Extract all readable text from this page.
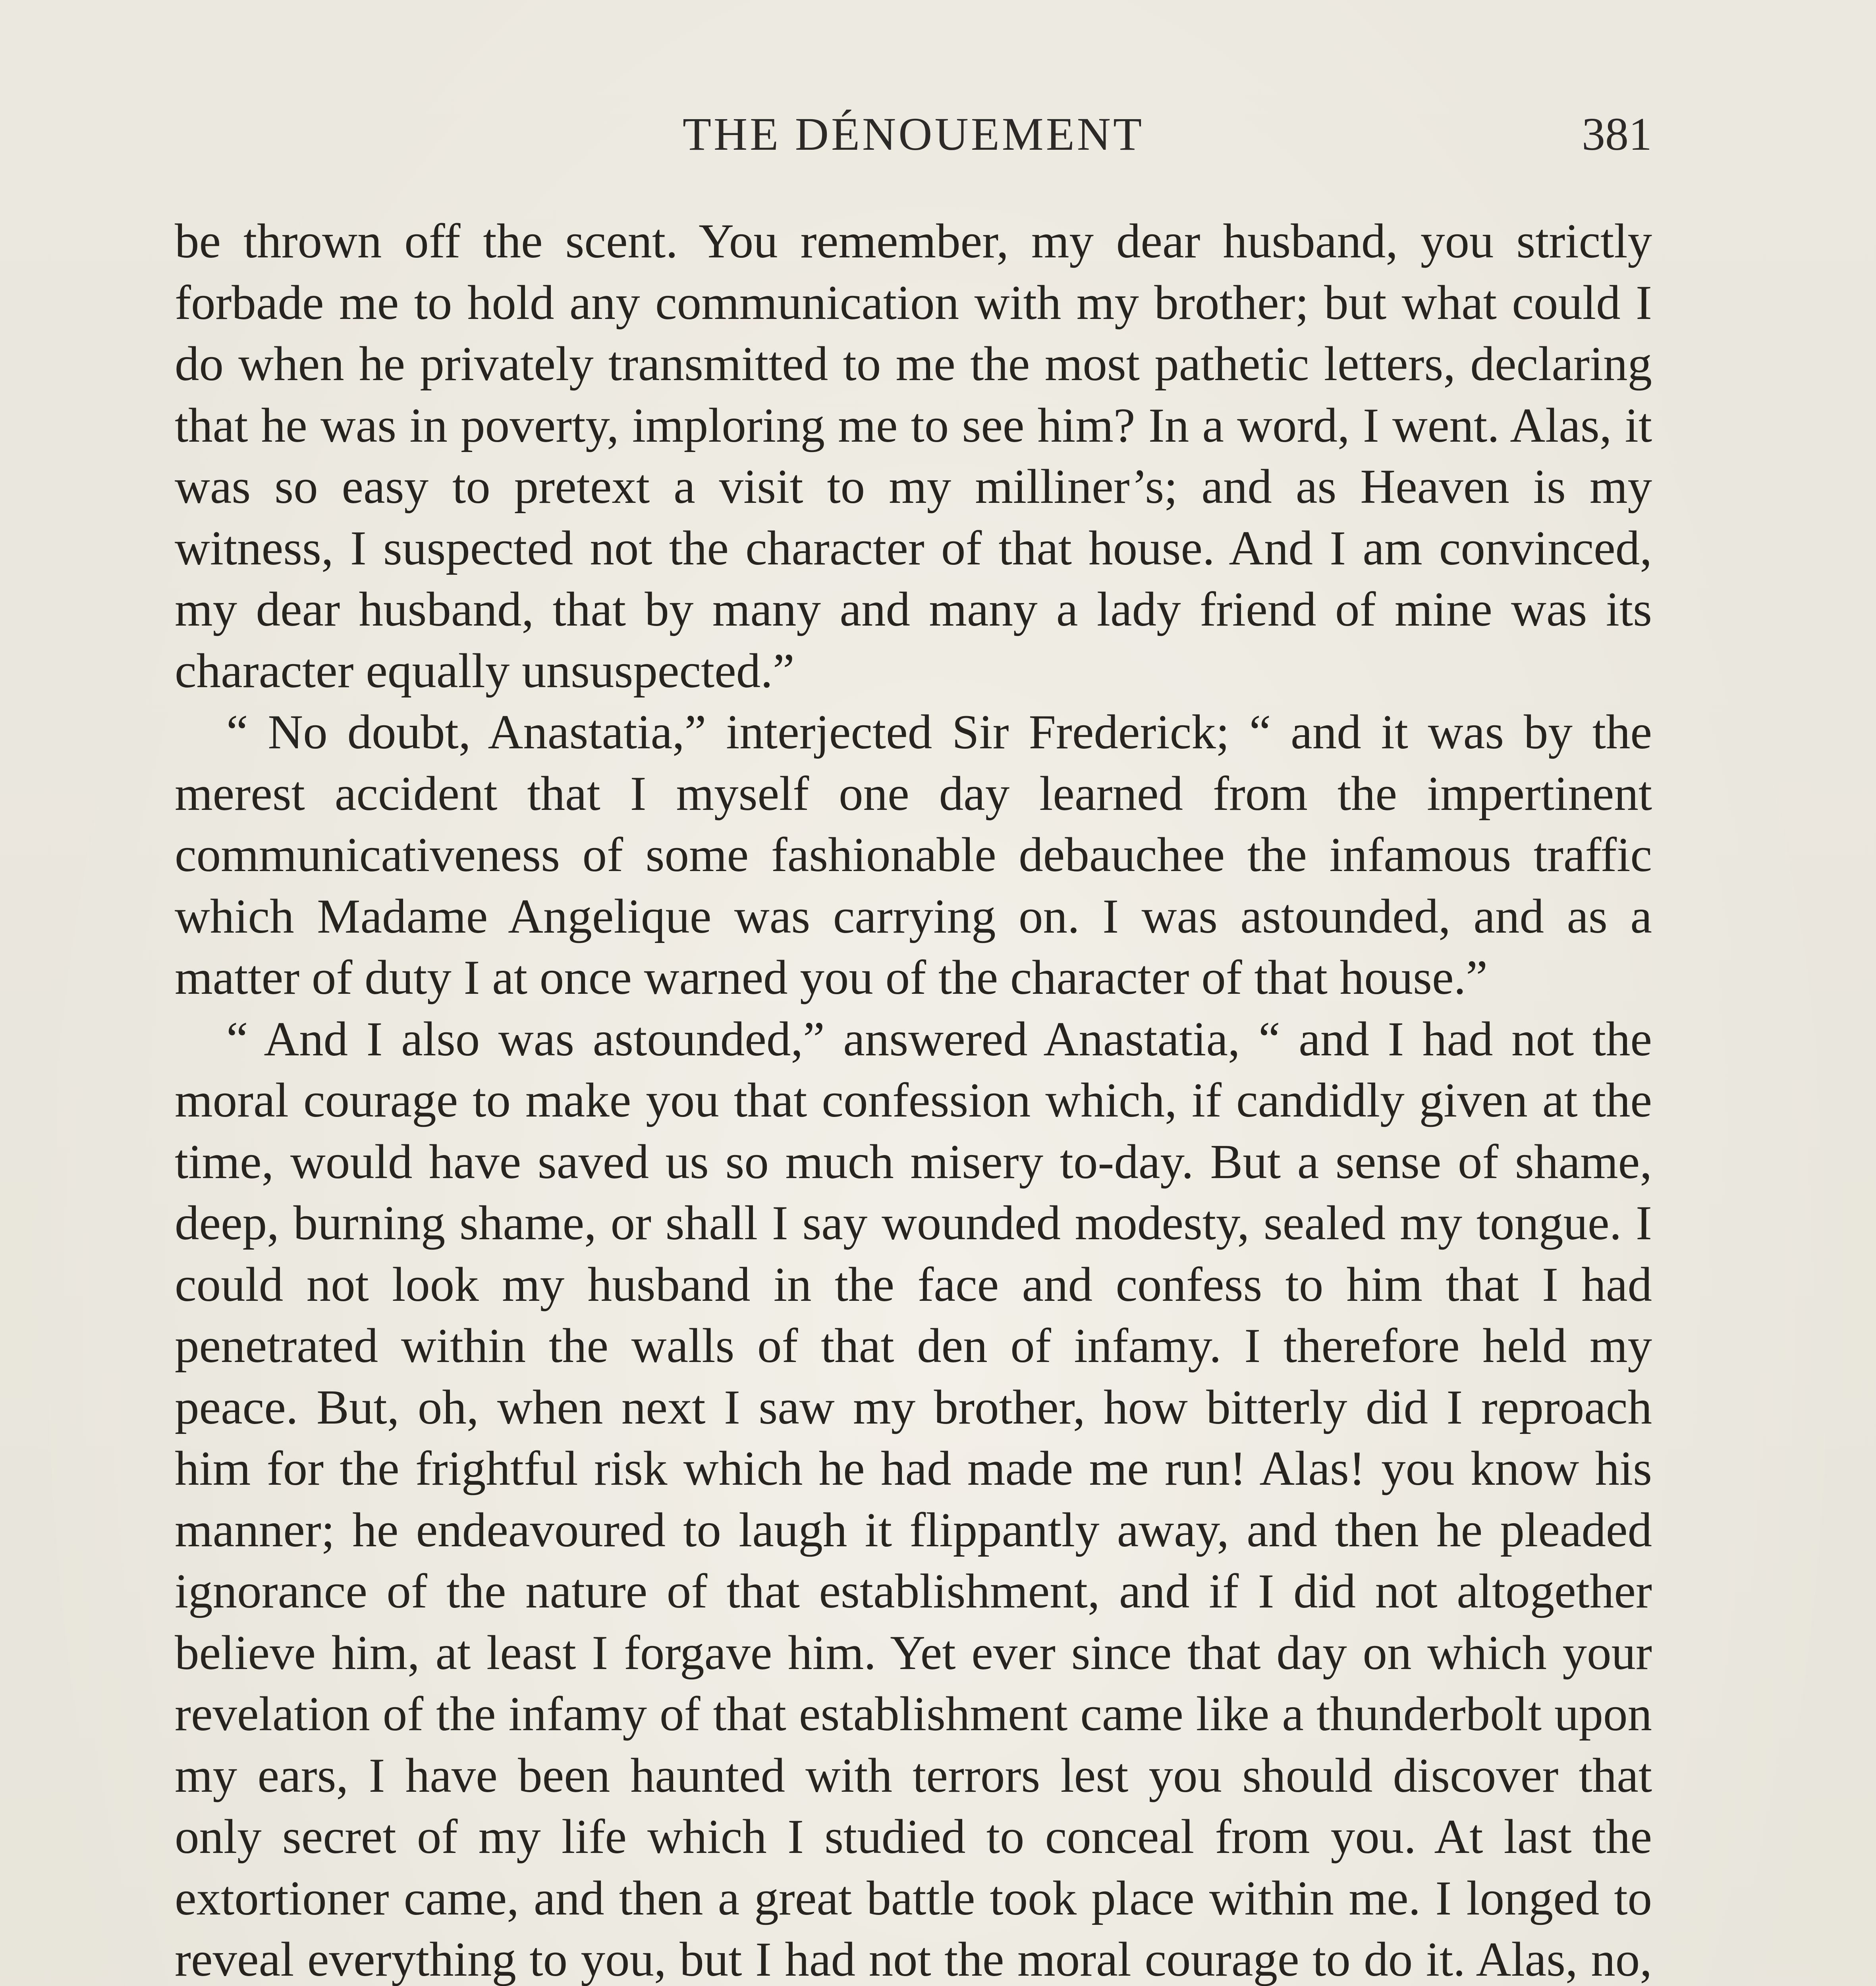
THE DÉNOUEMENT	381

be thrown off the scent. You remember, my dear husband, you strictly forbade me to hold any communication with my brother; but what could I do when he privately transmitted to me the most pathetic letters, declaring that he was in poverty, imploring me to see him? In a word, I went. Alas, it was so easy to pretext a visit to my milliner’s; and as Heaven is my witness, I suspected not the character of that house. And I am convinced, my dear husband, that by many and many a lady friend of mine was its character equally unsuspected.”

“ No doubt, Anastatia,” interjected Sir Frederick; “ and it was by the merest accident that I myself one day learned from the impertinent communicativeness of some fashionable debauchee the infamous traffic which Madame Angelique was carrying on. I was astounded, and as a matter of duty I at once warned you of the character of that house.”

“ And I also was astounded,” answered Anastatia, “ and I had not the moral courage to make you that confession which, if candidly given at the time, would have saved us so much misery to-day. But a sense of shame, deep, burning shame, or shall I say wounded modesty, sealed my tongue. I could not look my husband in the face and confess to him that I had penetrated within the walls of that den of infamy. I therefore held my peace. But, oh, when next I saw my brother, how bitterly did I reproach him for the frightful risk which he had made me run! Alas! you know his manner; he endeavoured to laugh it flippantly away, and then he pleaded ignorance of the nature of that establishment, and if I did not altogether believe him, at least I forgave him. Yet ever since that day on which your revelation of the infamy of that establishment came like a thunderbolt upon my ears, I have been haunted with terrors lest you should discover that only secret of my life which I studied to conceal from you. At last the extortioner came, and then a great battle took place within me. I longed to reveal everything to you, but I had not the moral courage to do it. Alas, no,
